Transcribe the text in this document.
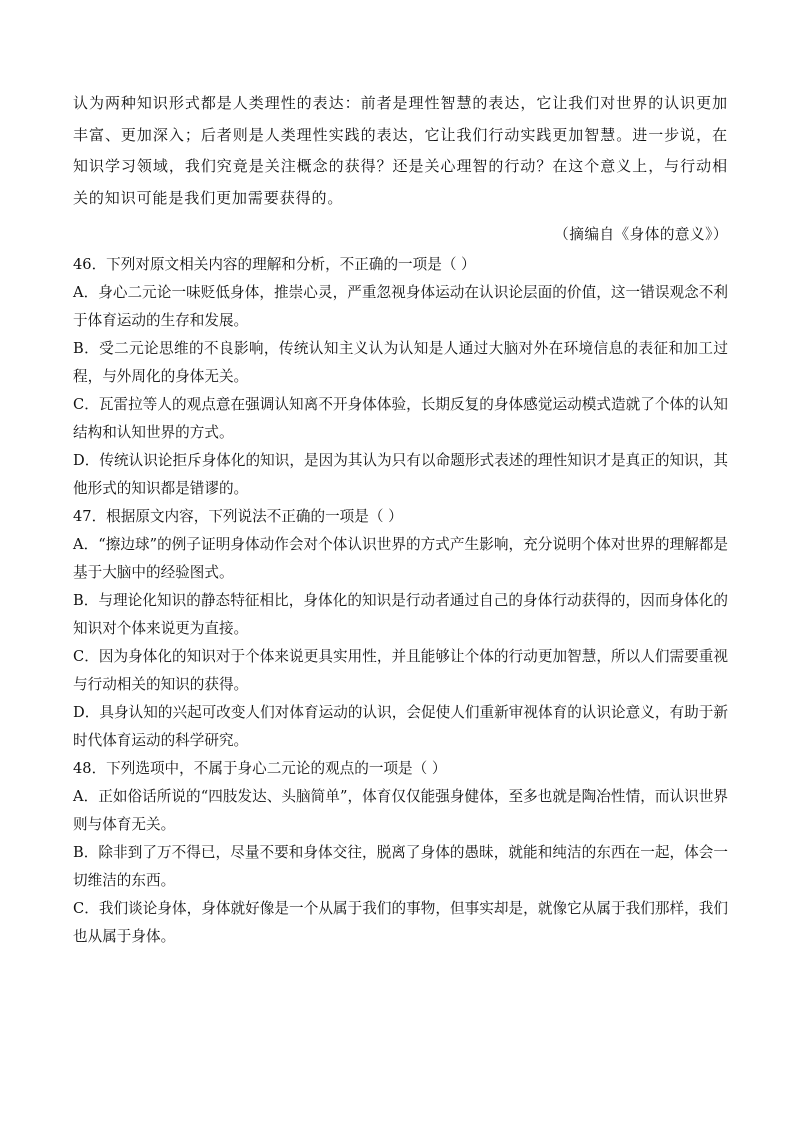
认为两种知识形式都是人类理性的表达：前者是理性智慧的表达，它让我们对世界的认识更加丰富、更加深入；后者则是人类理性实践的表达，它让我们行动实践更加智慧。进一步说，在知识学习领域，我们究竟是关注概念的获得？还是关心理智的行动？在这个意义上，与行动相关的知识可能是我们更加需要获得的。

（摘编自《身体的意义》）

46．下列对原文相关内容的理解和分析，不正确的一项是（ ）

A．身心二元论一味贬低身体，推崇心灵，严重忽视身体运动在认识论层面的价值，这一错误观念不利于体育运动的生存和发展。

B．受二元论思维的不良影响，传统认知主义认为认知是人通过大脑对外在环境信息的表征和加工过程，与外周化的身体无关。

C．瓦雷拉等人的观点意在强调认知离不开身体体验，长期反复的身体感觉运动模式造就了个体的认知结构和认知世界的方式。

D．传统认识论拒斥身体化的知识，是因为其认为只有以命题形式表述的理性知识才是真正的知识，其他形式的知识都是错谬的。

47．根据原文内容，下列说法不正确的一项是（ ）

A．“擦边球”的例子证明身体动作会对个体认识世界的方式产生影响，充分说明个体对世界的理解都是基于大脑中的经验图式。

B．与理论化知识的静态特征相比，身体化的知识是行动者通过自己的身体行动获得的，因而身体化的知识对个体来说更为直接。

C．因为身体化的知识对于个体来说更具实用性，并且能够让个体的行动更加智慧，所以人们需要重视与行动相关的知识的获得。

D．具身认知的兴起可改变人们对体育运动的认识，会促使人们重新审视体育的认识论意义，有助于新时代体育运动的科学研究。

48．下列选项中，不属于身心二元论的观点的一项是（ ）

A．正如俗话所说的“四肢发达、头脑简单”，体育仅仅能强身健体，至多也就是陶冶性情，而认识世界则与体育无关。

B．除非到了万不得已，尽量不要和身体交往，脱离了身体的愚昧，就能和纯洁的东西在一起，体会一切维洁的东西。

C．我们谈论身体，身体就好像是一个从属于我们的事物，但事实却是，就像它从属于我们那样，我们也从属于身体。
